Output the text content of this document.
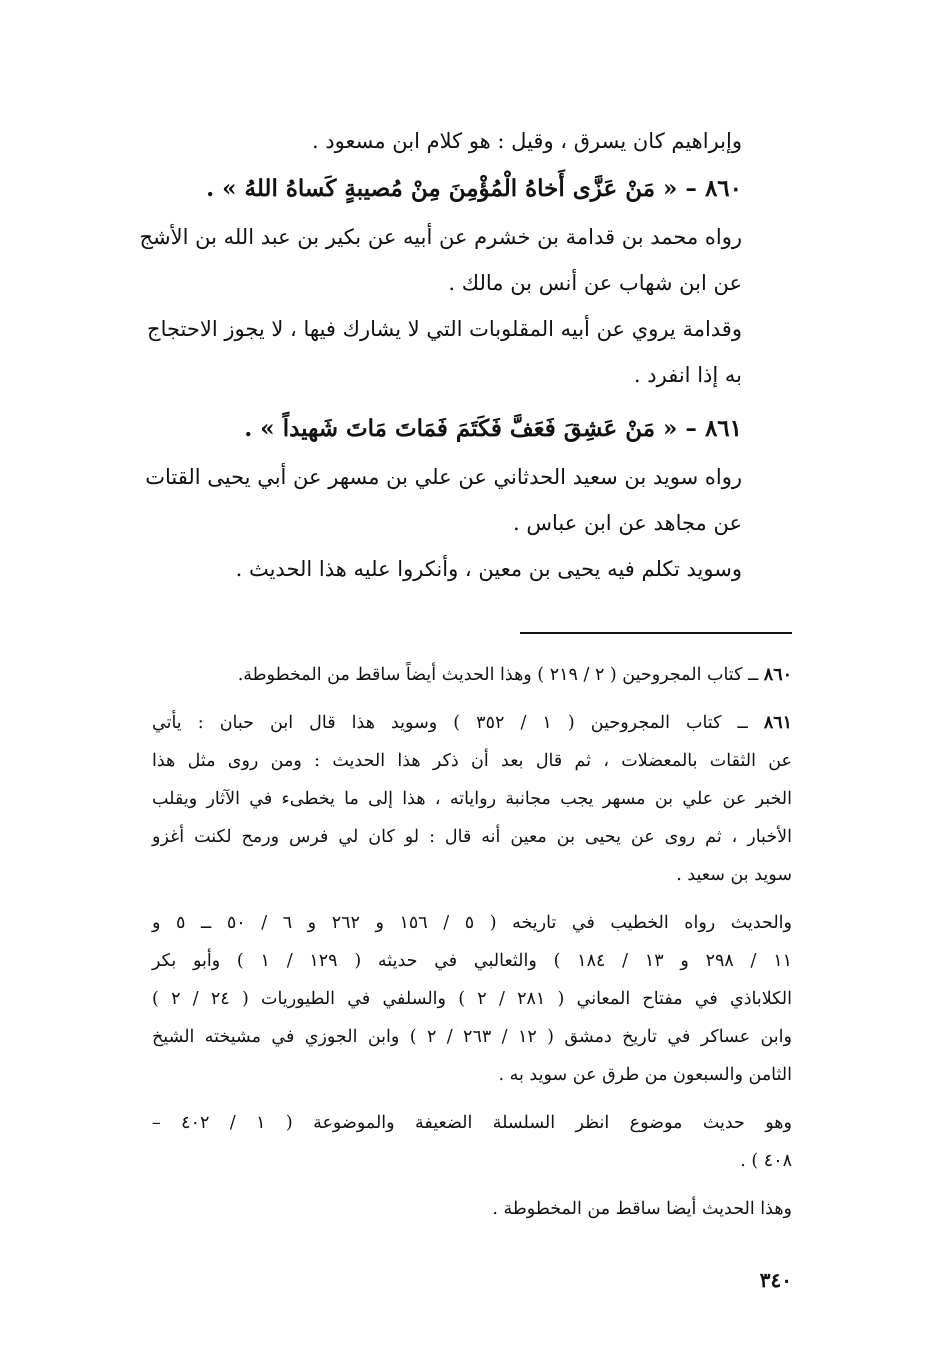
وإبراهيم كان يسرق ، وقيل : هو كلام ابن مسعود .
٨٦٠ – « مَنْ عَزَّى أَخاهُ الْمُؤْمِنَ مِنْ مُصيبةٍ كَساهُ اللهُ » .
رواه محمد بن قدامة بن خشرم عن أبيه عن بكير بن عبد الله بن الأشج
عن ابن شهاب عن أنس بن مالك .
وقدامة يروي عن أبيه المقلوبات التي لا يشارك فيها ، لا يجوز الاحتجاج
به إذا انفرد .
٨٦١ – « مَنْ عَشِقَ فَعَفَّ فَكَتَمَ فَمَاتَ مَاتَ شَهيداً » .
رواه سويد بن سعيد الحدثاني عن علي بن مسهر عن أبي يحيى القتات
عن مجاهد عن ابن عباس .
وسويد تكلم فيه يحيى بن معين ، وأنكروا عليه هذا الحديث .
٨٦٠ ــ كتاب المجروحين ( ٢ / ٢١٩ ) وهذا الحديث أيضاً ساقط من المخطوطة.
٨٦١ ــ كتاب المجروحين ( ١ / ٣٥٢ ) وسويد هذا قال ابن حبان : يأتي
عن الثقات بالمعضلات ، ثم قال بعد أن ذكر هذا الحديث : ومن روى مثل هذا
الخبر عن علي بن مسهر يجب مجانبة رواياته ، هذا إلى ما يخطىء في الآثار ويقلب
الأخبار ، ثم روى عن يحيى بن معين أنه قال : لو كان لي فرس ورمح لكنت أغزو
سويد بن سعيد .
والحديث رواه الخطيب في تاريخه ( ٥ / ١٥٦ و ٢٦٢ و ٦ / ٥٠ ــ ٥ و
١١ / ٢٩٨ و ١٣ / ١٨٤ ) والثعالبي في حديثه ( ١٢٩ / ١ ) وأبو بكر
الكلاباذي في مفتاح المعاني ( ٢٨١ / ٢ ) والسلفي في الطيوريات ( ٢٤ / ٢ )
وابن عساكر في تاريخ دمشق ( ١٢ / ٢٦٣ / ٢ ) وابن الجوزي في مشيخته الشيخ
الثامن والسبعون من طرق عن سويد به .
وهو حديث موضوع انظر السلسلة الضعيفة والموضوعة ( ١ / ٤٠٢ –
٤٠٨ ) .
وهذا الحديث أيضا ساقط من المخطوطة .
٣٤٠
